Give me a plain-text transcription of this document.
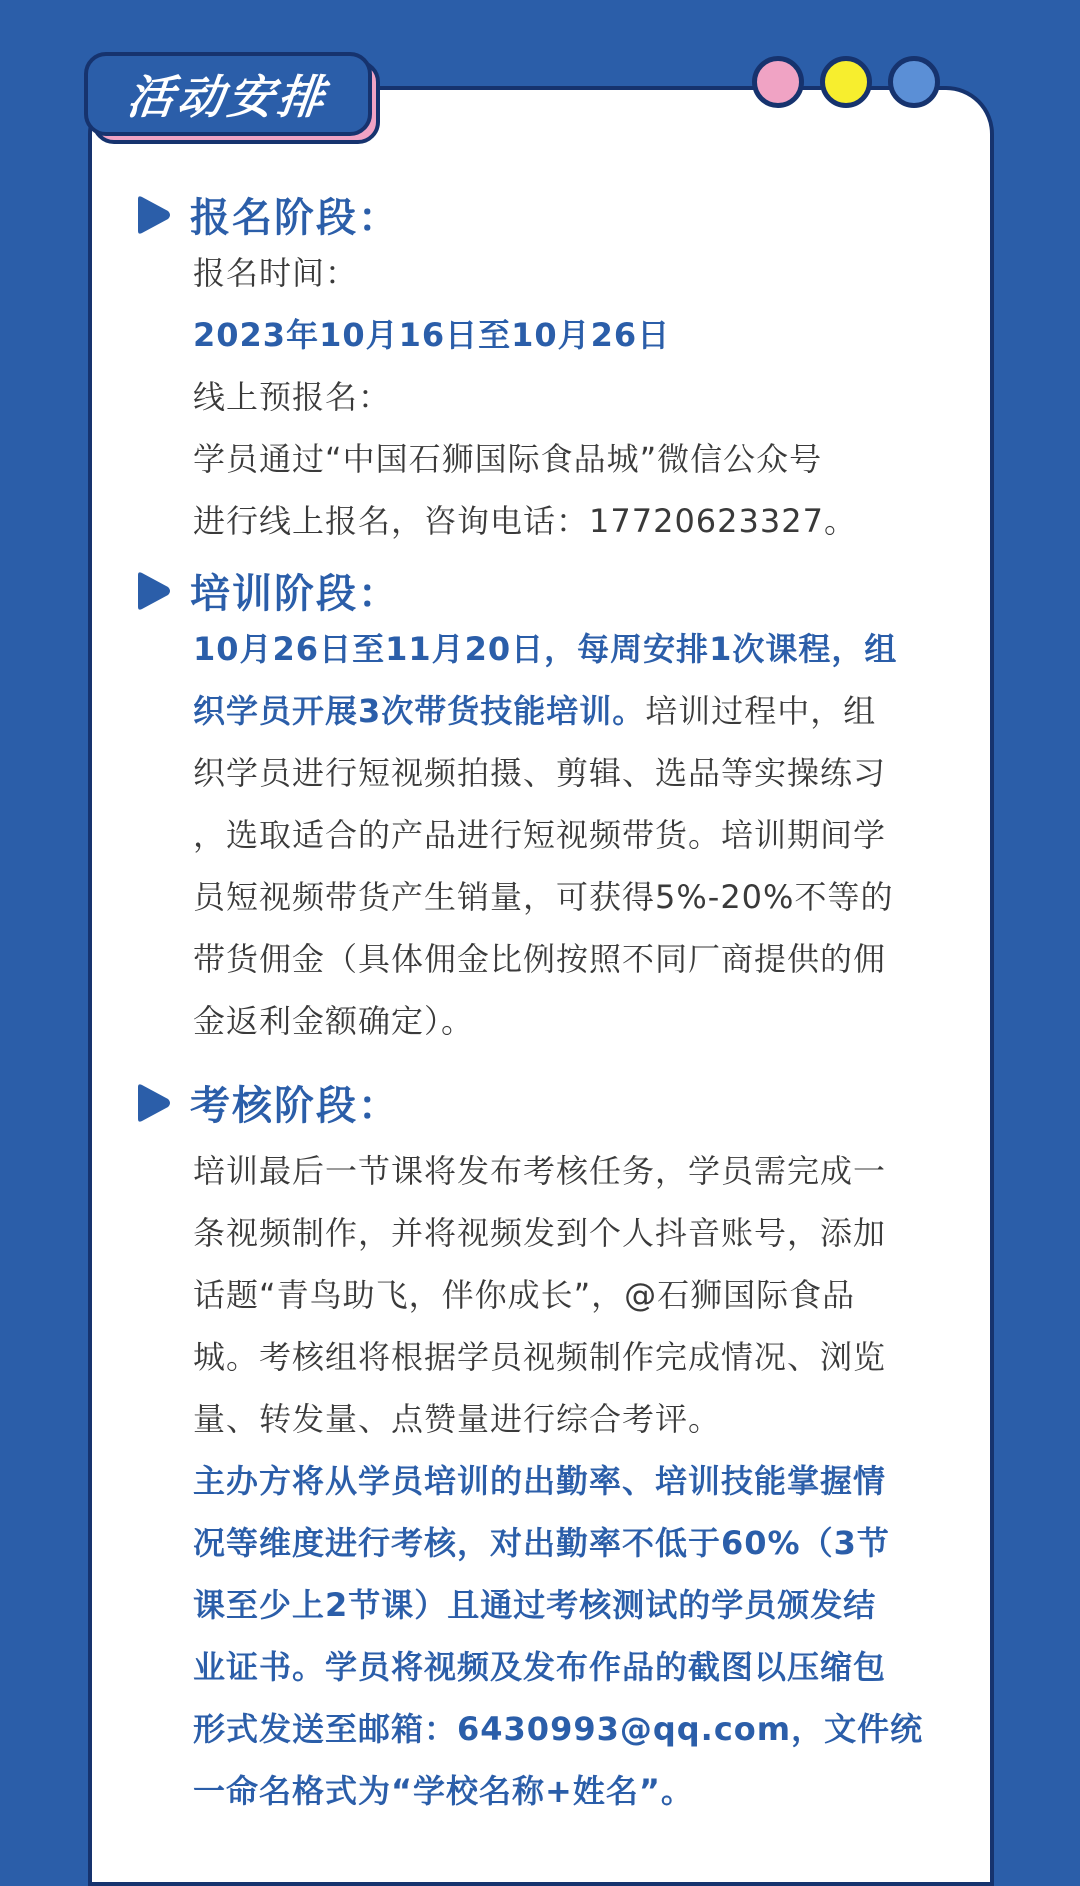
活动安排
报名阶段：
报名时间：
2023年10月16日至10月26日
线上预报名：
学员通过“中国石狮国际食品城”微信公众号
进行线上报名，咨询电话：17720623327。
培训阶段：
10月26日至11月20日，每周安排1次课程，组
织学员开展3次带货技能培训。培训过程中，组
织学员进行短视频拍摄、剪辑、选品等实操练习
，选取适合的产品进行短视频带货。培训期间学
员短视频带货产生销量，可获得5%-20%不等的
带货佣金（具体佣金比例按照不同厂商提供的佣
金返利金额确定）。
考核阶段：
培训最后一节课将发布考核任务，学员需完成一
条视频制作，并将视频发到个人抖音账号，添加
话题“青鸟助飞，伴你成长”，@石狮国际食品
城。考核组将根据学员视频制作完成情况、浏览
量、转发量、点赞量进行综合考评。
主办方将从学员培训的出勤率、培训技能掌握情
况等维度进行考核，对出勤率不低于60%（3节
课至少上2节课）且通过考核测试的学员颁发结
业证书。学员将视频及发布作品的截图以压缩包
形式发送至邮箱：6430993@qq.com，文件统
一命名格式为“学校名称+姓名”。
